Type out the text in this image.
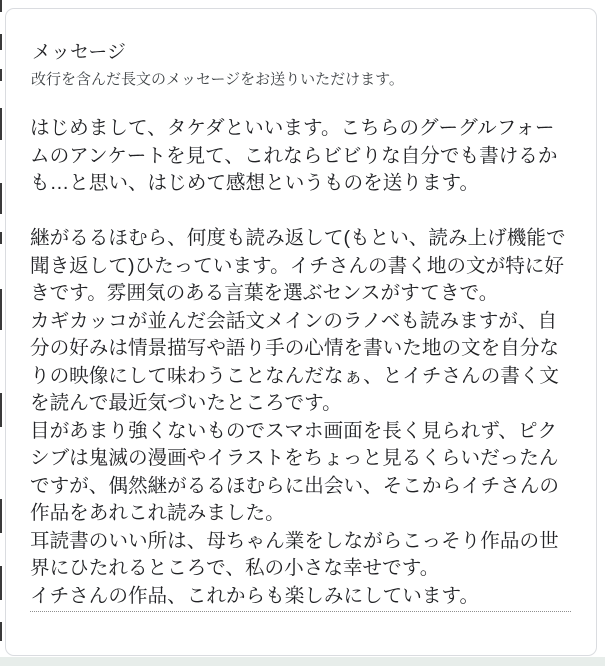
メッセージ
改行を含んだ長文のメッセージをお送りいただけます。
はじめまして、タケダといいます。こちらのグーグルフォー
ムのアンケートを見て、これならビビりな自分でも書けるか
も…と思い、はじめて感想というものを送ります。
継がるるほむら、何度も読み返して(もとい、読み上げ機能で
聞き返して)ひたっています。イチさんの書く地の文が特に好
きです。雰囲気のある言葉を選ぶセンスがすてきで。
カギカッコが並んだ会話文メインのラノベも読みますが、自
分の好みは情景描写や語り手の心情を書いた地の文を自分な
りの映像にして味わうことなんだなぁ、とイチさんの書く文
を読んで最近気づいたところです。
目があまり強くないものでスマホ画面を長く見られず、ピク
シブは鬼滅の漫画やイラストをちょっと見るくらいだったん
ですが、偶然継がるるほむらに出会い、そこからイチさんの
作品をあれこれ読みました。
耳読書のいい所は、母ちゃん業をしながらこっそり作品の世
界にひたれるところで、私の小さな幸せです。
イチさんの作品、これからも楽しみにしています。
